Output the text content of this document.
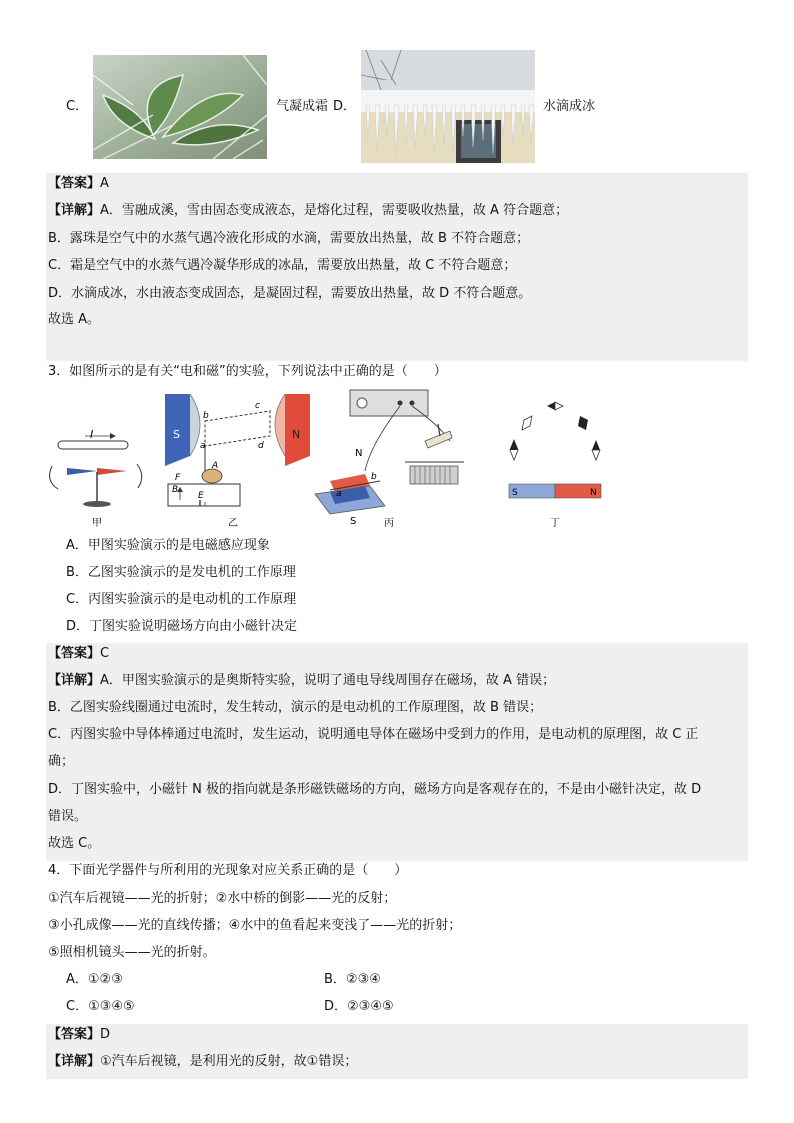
C．	气凝成霜 D．	水滴成冰
【答案】A
【详解】A．雪融成溪，雪由固态变成液态，是熔化过程，需要吸收热量，故 A 符合题意；
B．露珠是空气中的水蒸气遇冷液化形成的水滴，需要放出热量，故 B 不符合题意；
C．霜是空气中的水蒸气遇冷凝华形成的冰晶，需要放出热量，故 C 不符合题意；
D．水滴成冰，水由液态变成固态，是凝固过程，需要放出热量，故 D 不符合题意。
故选 A。
3．如图所示的是有关“电和磁”的实验，下列说法中正确的是（　　）
I
甲
S	N
b
c
a	d
F
B
A
E
乙
N
a
b
S	丙
S	N
丁
A．甲图实验演示的是电磁感应现象
B．乙图实验演示的是发电机的工作原理
C．丙图实验演示的是电动机的工作原理
D．丁图实验说明磁场方向由小磁针决定
【答案】C
【详解】A．甲图实验演示的是奥斯特实验，说明了通电导线周围存在磁场，故 A 错误；
B．乙图实验线圈通过电流时，发生转动，演示的是电动机的工作原理图，故 B 错误；
C．丙图实验中导体棒通过电流时，发生运动，说明通电导体在磁场中受到力的作用，是电动机的原理图，故 C 正
确；
D．丁图实验中，小磁针 N 极的指向就是条形磁铁磁场的方向，磁场方向是客观存在的，不是由小磁针决定，故 D
错误。
故选 C。
4．下面光学器件与所利用的光现象对应关系正确的是（　　）
①汽车后视镜——光的折射；②水中桥的倒影——光的反射；
③小孔成像——光的直线传播；④水中的鱼看起来变浅了——光的折射；
⑤照相机镜头——光的折射。
A．①②③	B．②③④
C．①③④⑤	D．②③④⑤
【答案】D
【详解】①汽车后视镜，是利用光的反射，故①错误；
